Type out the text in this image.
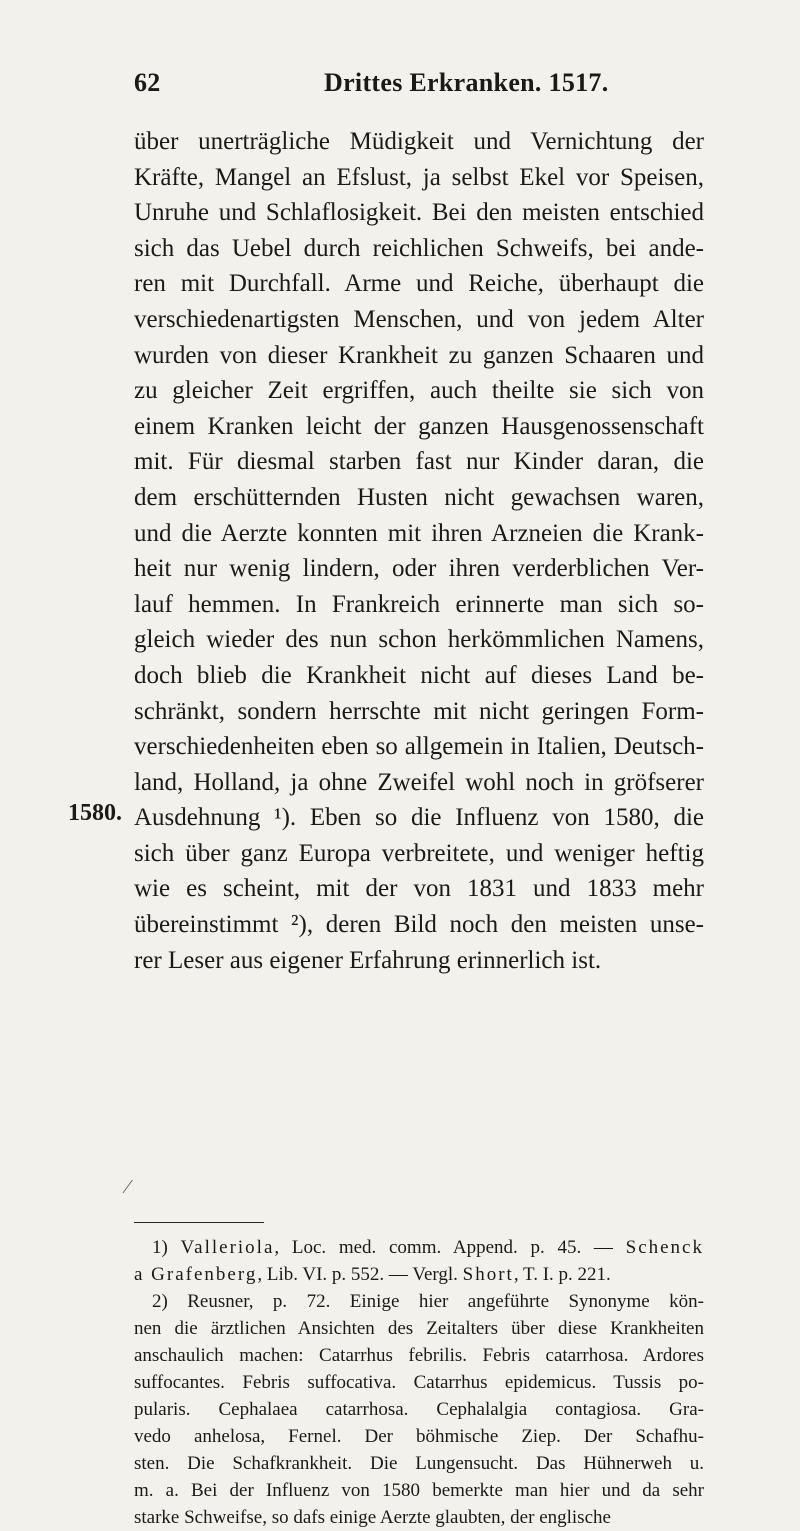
62	Drittes Erkranken. 1517.
über unerträgliche Müdigkeit und Vernichtung der
Kräfte, Mangel an Efslust, ja selbst Ekel vor Speisen,
Unruhe und Schlaflosigkeit. Bei den meisten entschied
sich das Uebel durch reichlichen Schweifs, bei ande-
ren mit Durchfall. Arme und Reiche, überhaupt die
verschiedenartigsten Menschen, und von jedem Alter
wurden von dieser Krankheit zu ganzen Schaaren und
zu gleicher Zeit ergriffen, auch theilte sie sich von
einem Kranken leicht der ganzen Hausgenossenschaft
mit. Für diesmal starben fast nur Kinder daran, die
dem erschütternden Husten nicht gewachsen waren,
und die Aerzte konnten mit ihren Arzneien die Krank-
heit nur wenig lindern, oder ihren verderblichen Ver-
lauf hemmen. In Frankreich erinnerte man sich so-
gleich wieder des nun schon herkömmlichen Namens,
doch blieb die Krankheit nicht auf dieses Land be-
schränkt, sondern herrschte mit nicht geringen Form-
verschiedenheiten eben so allgemein in Italien, Deutsch-
land, Holland, ja ohne Zweifel wohl noch in gröfserer
Ausdehnung ¹). Eben so die Influenz von 1580, die
sich über ganz Europa verbreitete, und weniger heftig
wie es scheint, mit der von 1831 und 1833 mehr
übereinstimmt ²), deren Bild noch den meisten unse-
rer Leser aus eigener Erfahrung erinnerlich ist.
1580.
⁄
1) Valleriola, Loc. med. comm. Append. p. 45. — Schenck
a Grafenberg, Lib. VI. p. 552. — Vergl. Short, T. I. p. 221.
2) Reusner, p. 72. Einige hier angeführte Synonyme kön-
nen die ärztlichen Ansichten des Zeitalters über diese Krankheiten
anschaulich machen: Catarrhus febrilis. Febris catarrhosa. Ardores
suffocantes. Febris suffocativa. Catarrhus epidemicus. Tussis po-
pularis. Cephalaea catarrhosa. Cephalalgia contagiosa. Gra-
vedo anhelosa, Fernel. Der böhmische Ziep. Der Schafhu-
sten. Die Schafkrankheit. Die Lungensucht. Das Hühnerweh u.
m. a. Bei der Influenz von 1580 bemerkte man hier und da sehr
starke Schweifse, so dafs einige Aerzte glaubten, der englische
